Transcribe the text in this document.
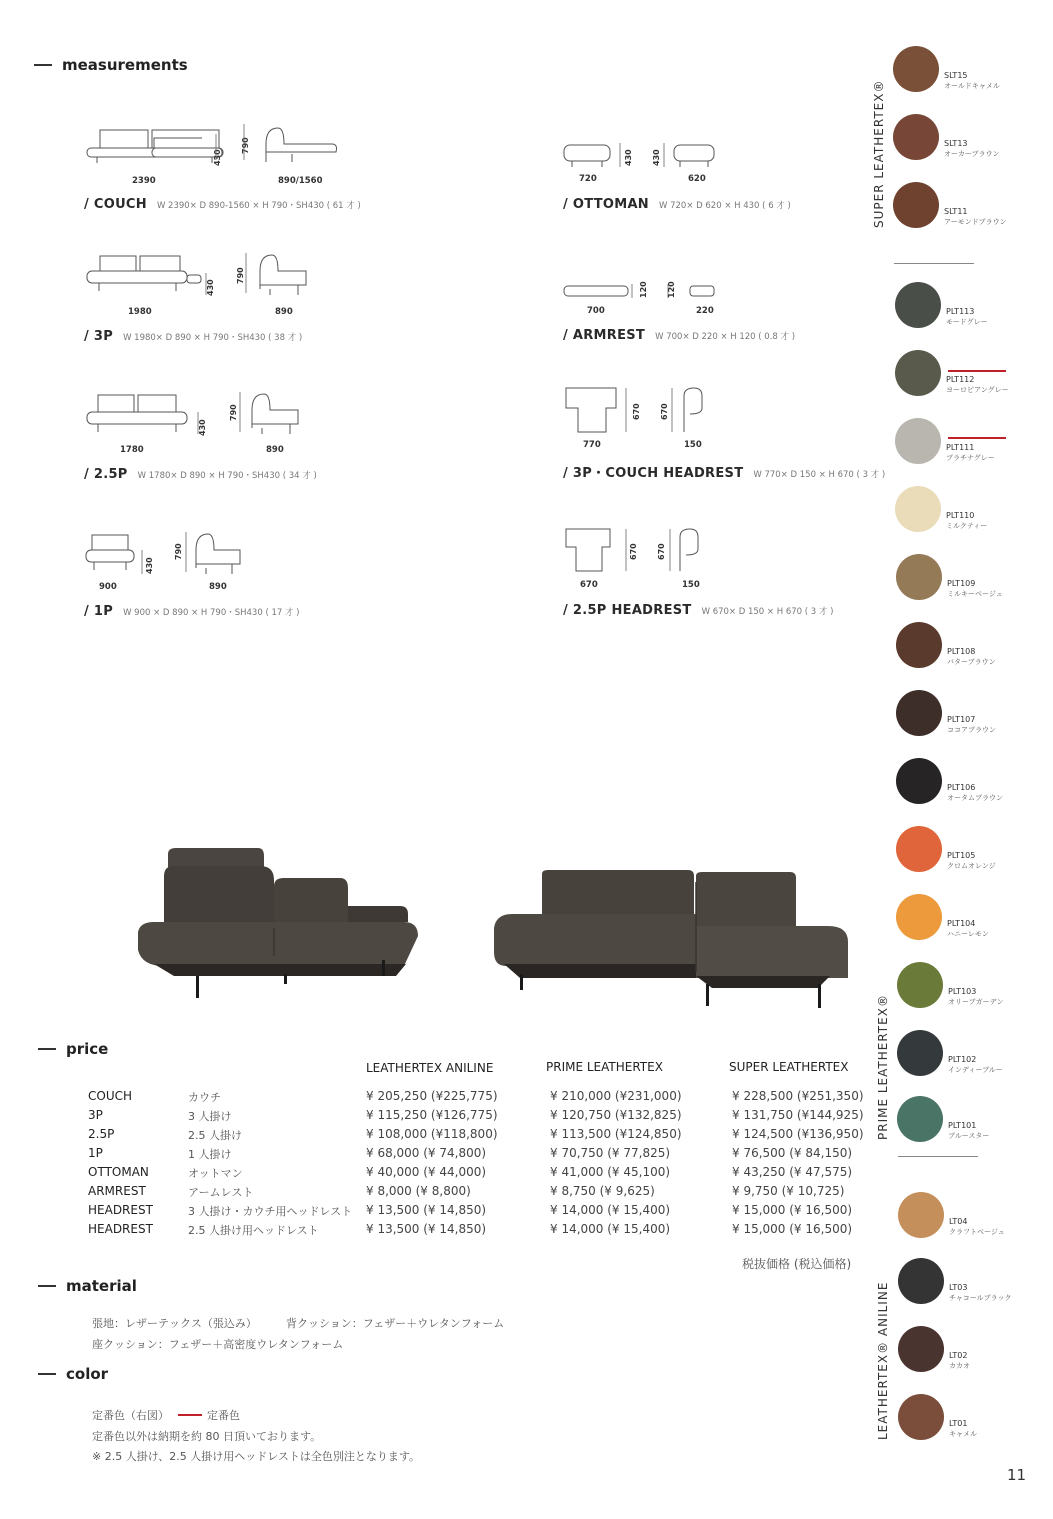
measurements
2390
430
790
890/1560
/ COUCH W 2390× D 890-1560 × H 790・SH430 ( 61 才 )
1980
430
790
890
/ 3P W 1980× D 890 × H 790・SH430 ( 38 才 )
1780
430
790
890
/ 2.5P W 1780× D 890 × H 790・SH430 ( 34 才 )
900
430
790
890
/ 1P W 900 × D 890 × H 790・SH430 ( 17 才 )
720
430 430
620
/ OTTOMAN W 720× D 620 × H 430 ( 6 才 )
700
120 120
220
/ ARMREST W 700× D 220 × H 120 ( 0.8 才 )
770
670 670
150
/ 3P・COUCH HEADREST W 770× D 150 × H 670 ( 3 才 )
670
670 670
150
/ 2.5P HEADREST W 670× D 150 × H 670 ( 3 才 )
price
LEATHERTEX ANILINE	PRIME LEATHERTEX	SUPER LEATHERTEX
COUCH	カウチ	¥ 205,250 (¥225,775)	¥ 210,000 (¥231,000)	¥ 228,500 (¥251,350)
3P	3 人掛け	¥ 115,250 (¥126,775)	¥ 120,750 (¥132,825)	¥ 131,750 (¥144,925)
2.5P	2.5 人掛け	¥ 108,000 (¥118,800)	¥ 113,500 (¥124,850)	¥ 124,500 (¥136,950)
1P	1 人掛け	¥ 68,000 (¥ 74,800)	¥ 70,750 (¥ 77,825)	¥ 76,500 (¥ 84,150)
OTTOMAN	オットマン	¥ 40,000 (¥ 44,000)	¥ 41,000 (¥ 45,100)	¥ 43,250 (¥ 47,575)
ARMREST	アームレスト	¥ 8,000 (¥ 8,800)	¥ 8,750 (¥ 9,625)	¥ 9,750 (¥ 10,725)
HEADREST	3 人掛け・カウチ用ヘッドレスト ¥ 13,500 (¥ 14,850)	¥ 14,000 (¥ 15,400)	¥ 15,000 (¥ 16,500)
HEADREST	2.5 人掛け用ヘッドレスト	¥ 13,500 (¥ 14,850)	¥ 14,000 (¥ 15,400)	¥ 15,000 (¥ 16,500)
税抜価格 (税込価格)
material
張地：レザーテックス（張込み）	背クッション：フェザー＋ウレタンフォーム
座クッション：フェザー＋高密度ウレタンフォーム
color
定番色（右図）	定番色
定番色以外は納期を約 80 日頂いております。
※ 2.5 人掛け、2.5 人掛け用ヘッドレストは全色別注となります。
SUPER LEATHERTEX®
PRIME LEATHERTEX®
LEATHERTEX® ANILINE
SLT15
オールドキャメル
SLT13
オーカーブラウン
SLT11
アーモンドブラウン
PLT113
モードグレー
PLT112
ヨーロピアングレー
PLT111
プラチナグレー
PLT110
ミルクティー
PLT109
ミルキーベージュ
PLT108
バターブラウン
PLT107
ココアブラウン
PLT106
オータムブラウン
PLT105
クロムオレンジ
PLT104
ハニーレモン
PLT103
オリーブガーデン
PLT102
インディーブルー
PLT101
ブルースター
LT04
クラフトベージュ
LT03
チャコールブラック
LT02
カカオ
LT01
キャメル
11
